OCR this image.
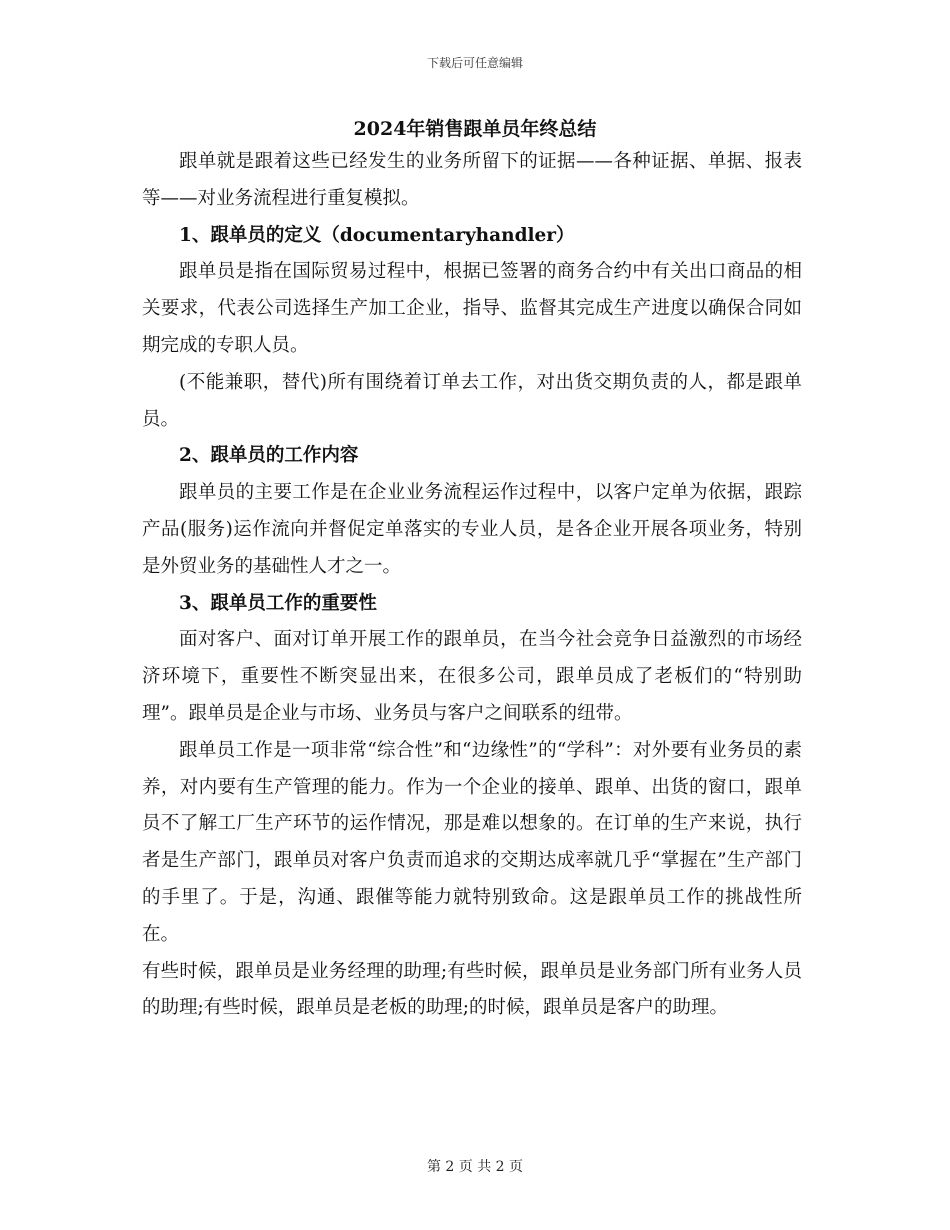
下载后可任意编辑
2024年销售跟单员年终总结

跟单就是跟着这些已经发生的业务所留下的证据——各种证据、单据、报表等——对业务流程进行重复模拟。

1、跟单员的定义（documentaryhandler）

跟单员是指在国际贸易过程中，根据已签署的商务合约中有关出口商品的相关要求，代表公司选择生产加工企业，指导、监督其完成生产进度以确保合同如期完成的专职人员。

(不能兼职，替代)所有围绕着订单去工作，对出货交期负责的人，都是跟单员。

2、跟单员的工作内容

跟单员的主要工作是在企业业务流程运作过程中，以客户定单为依据，跟踪产品(服务)运作流向并督促定单落实的专业人员，是各企业开展各项业务，特别是外贸业务的基础性人才之一。

3、跟单员工作的重要性

面对客户、面对订单开展工作的跟单员，在当今社会竞争日益激烈的市场经济环境下，重要性不断突显出来，在很多公司，跟单员成了老板们的“特别助理”。跟单员是企业与市场、业务员与客户之间联系的纽带。

跟单员工作是一项非常“综合性”和“边缘性”的“学科”：对外要有业务员的素养，对内要有生产管理的能力。作为一个企业的接单、跟单、出货的窗口，跟单员不了解工厂生产环节的运作情况，那是难以想象的。在订单的生产来说，执行者是生产部门，跟单员对客户负责而追求的交期达成率就几乎“掌握在”生产部门的手里了。于是，沟通、跟催等能力就特别致命。这是跟单员工作的挑战性所在。

有些时候，跟单员是业务经理的助理;有些时候，跟单员是业务部门所有业务人员的助理;有些时候，跟单员是老板的助理;的时候，跟单员是客户的助理。

第 2 页 共 2 页
